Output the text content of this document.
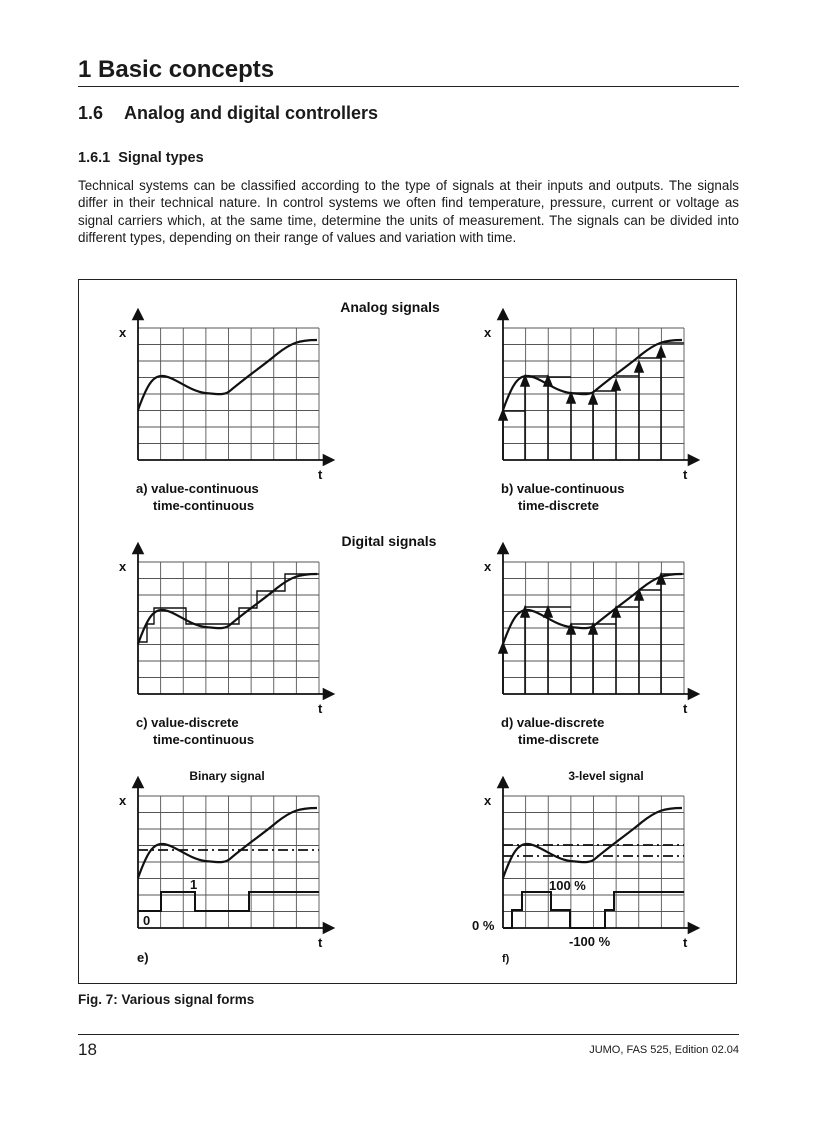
1 Basic concepts
1.6 Analog and digital controllers
1.6.1 Signal types

Technical systems can be classified according to the type of signals at their inputs and outputs. The signals differ in their technical nature. In control systems we often find temperature, pressure, current or voltage as signal carriers which, at the same time, determine the units of measurement. The signals can be divided into different types, depending on their range of values and variation with time.

Analog signals
Digital signals
Binary signal	3-level signal
x
t
a) value-continuous
time-continuous
x
t
b) value-continuous
time-discrete
x
t
c) value-discrete
time-continuous
x
t
d) value-discrete
time-discrete
x
t
1
0
e)
x
t
100 %
0 %
-100 %
f)
Fig. 7: Various signal forms
18	JUMO, FAS 525, Edition 02.04
